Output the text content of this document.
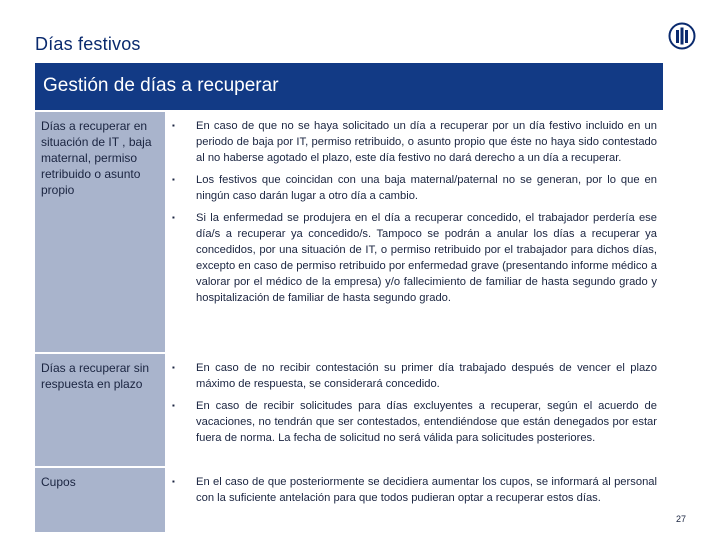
Días festivos
Gestión de días a recuperar
Días a recuperar en situación de IT , baja maternal, permiso retribuido o asunto propio
▪ En caso de que no se haya solicitado un día a recuperar por un día festivo incluido en un periodo de baja por IT, permiso retribuido, o asunto propio que éste no haya sido contestado al no haberse agotado el plazo, este día festivo no dará derecho a un día a recuperar.
▪ Los festivos que coincidan con una baja maternal/paternal no se generan, por lo que en ningún caso darán lugar a otro día a cambio.
▪ Si la enfermedad se produjera en el día a recuperar concedido, el trabajador perdería ese día/s a recuperar ya concedido/s. Tampoco se podrán a anular los días a recuperar ya concedidos, por una situación de IT, o permiso retribuido por el trabajador para dichos días, excepto en caso de permiso retribuido por enfermedad grave (presentando informe médico a valorar por el médico de la empresa) y/o fallecimiento de familiar de hasta segundo grado y hospitalización de familiar de hasta segundo grado.
Días a recuperar sin respuesta en plazo
▪ En caso de no recibir contestación su primer día trabajado después de vencer el plazo máximo de respuesta, se considerará concedido.
▪ En caso de recibir solicitudes para días excluyentes a recuperar, según el acuerdo de vacaciones, no tendrán que ser contestados, entendiéndose que están denegados por estar fuera de norma. La fecha de solicitud no será válida para solicitudes posteriores.
Cupos	▪ En el caso de que posteriormente se decidiera aumentar los cupos, se informará al personal con la suficiente antelación para que todos pudieran optar a recuperar estos días.
27
